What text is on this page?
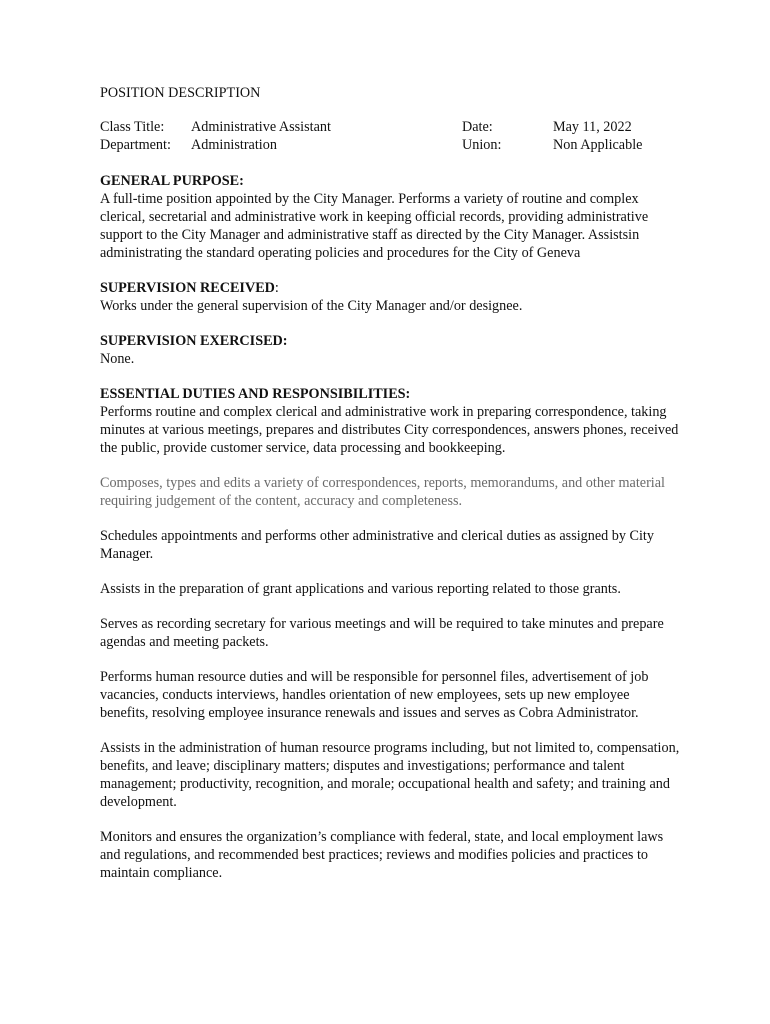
POSITION DESCRIPTION
Class Title:	Administrative Assistant	Date:	May 11, 2022
Department:	Administration	Union:	Non Applicable
GENERAL PURPOSE:
A full-time position appointed by the City Manager. Performs a variety of routine and complex clerical, secretarial and administrative work in keeping official records, providing administrative support to the City Manager and administrative staff as directed by the City Manager. Assistsin administrating the standard operating policies and procedures for the City of Geneva
SUPERVISION RECEIVED:
Works under the general supervision of the City Manager and/or designee.
SUPERVISION EXERCISED:
None.
ESSENTIAL DUTIES AND RESPONSIBILITIES:
Performs routine and complex clerical and administrative work in preparing correspondence, taking minutes at various meetings, prepares and distributes City correspondences, answers phones, received the public, provide customer service, data processing and bookkeeping.

Composes, types and edits a variety of correspondences, reports, memorandums, and other material requiring judgement of the content, accuracy and completeness.

Schedules appointments and performs other administrative and clerical duties as assigned by City Manager.

Assists in the preparation of grant applications and various reporting related to those grants.

Serves as recording secretary for various meetings and will be required to take minutes and prepare agendas and meeting packets.

Performs human resource duties and will be responsible for personnel files, advertisement of job vacancies, conducts interviews, handles orientation of new employees, sets up new employee benefits, resolving employee insurance renewals and issues and serves as Cobra Administrator.

Assists in the administration of human resource programs including, but not limited to, compensation, benefits, and leave; disciplinary matters; disputes and investigations; performance and talent management; productivity, recognition, and morale; occupational health and safety; and training and development.

Monitors and ensures the organization’s compliance with federal, state, and local employment laws and regulations, and recommended best practices; reviews and modifies policies and practices to maintain compliance.
